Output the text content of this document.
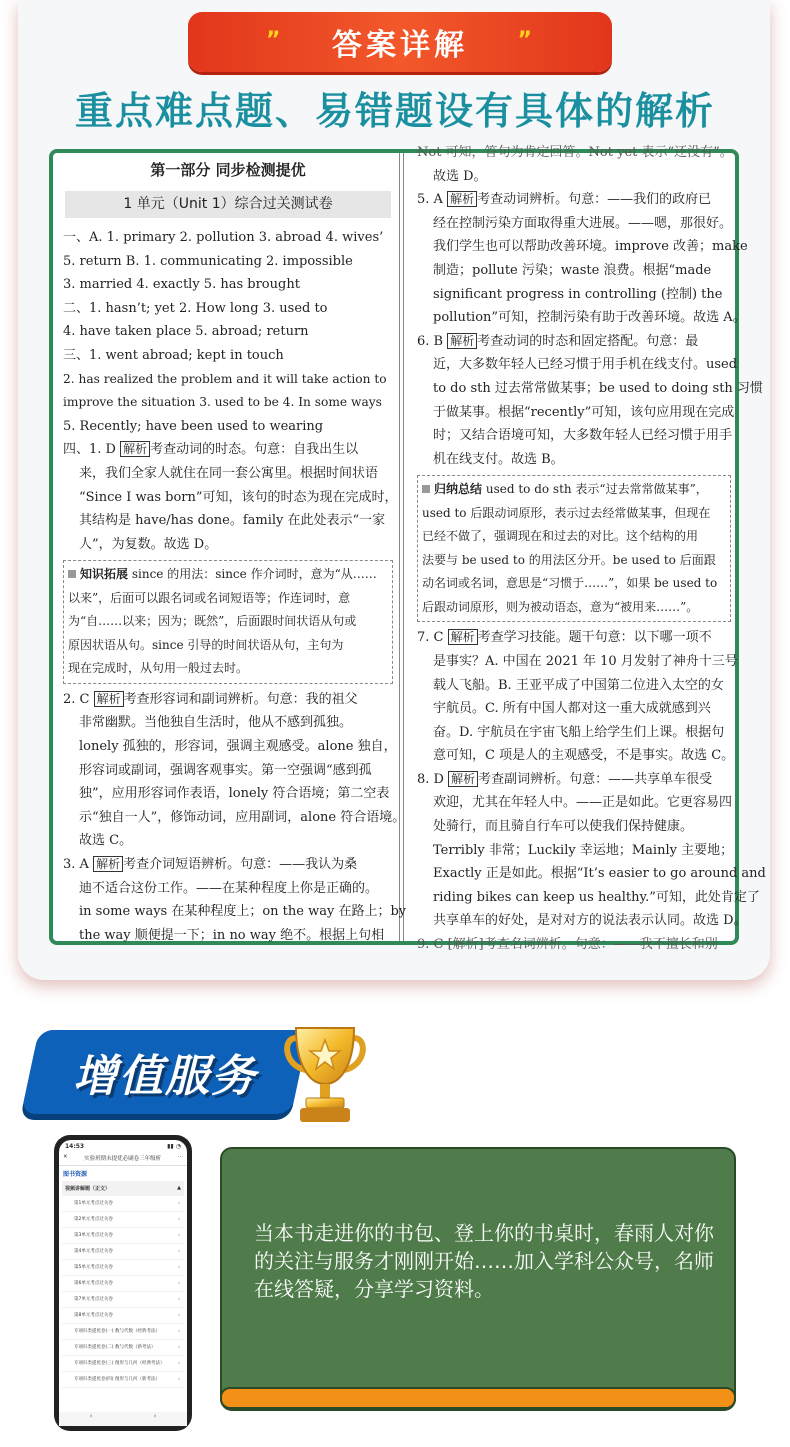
” 答案详解 ”
重点难点题、易错题设有具体的解析
第一部分 同步检测提优
1 单元（Unit 1）综合过关测试卷
一、A. 1. primary 2. pollution 3. abroad 4. wives’
5. return B. 1. communicating 2. impossible
3. married 4. exactly 5. has brought
二、1. hasn’t; yet 2. How long 3. used to
4. have taken place 5. abroad; return
三、1. went abroad; kept in touch
2. has realized the problem and it will take action to
improve the situation 3. used to be 4. In some ways
5. Recently; have been used to wearing
四、1. D 解析 考查动词的时态。句意：自我出生以
来，我们全家人就住在同一套公寓里。根据时间状语
“Since I was born”可知，该句的时态为现在完成时，
其结构是 have/has done。family 在此处表示“一家
人”，为复数。故选 D。
知识拓展 since 的用法：since 作介词时，意为“从……
以来”，后面可以跟名词或名词短语等；作连词时，意
为“自……以来；因为；既然”，后面跟时间状语从句或
原因状语从句。since 引导的时间状语从句，主句为
现在完成时，从句用一般过去时。
2. C 解析 考查形容词和副词辨析。句意：我的祖父
非常幽默。当他独自生活时，他从不感到孤独。
lonely 孤独的，形容词，强调主观感受。alone 独自，
形容词或副词，强调客观事实。第一空强调“感到孤
独”，应用形容词作表语，lonely 符合语境；第二空表
示“独自一人”，修饰动词，应用副词，alone 符合语境。
故选 C。
3. A 解析 考查介词短语辨析。句意：——我认为桑
迪不适合这份工作。——在某种程度上你是正确的。
in some ways 在某种程度上；on the way 在路上；by
the way 顺便提一下；in no way 绝不。根据上句相
Not 可知，答句为肯定回答。Not yet 表示“还没有”。
故选 D。
5. A 解析 考查动词辨析。句意：——我们的政府已
经在控制污染方面取得重大进展。——嗯，那很好。
我们学生也可以帮助改善环境。improve 改善；make
制造；pollute 污染；waste 浪费。根据“made
significant progress in controlling (控制) the
pollution”可知，控制污染有助于改善环境。故选 A。
6. B 解析 考查动词的时态和固定搭配。句意：最
近，大多数年轻人已经习惯于用手机在线支付。used
to do sth 过去常常做某事；be used to doing sth 习惯
于做某事。根据“recently”可知，该句应用现在完成
时；又结合语境可知，大多数年轻人已经习惯于用手
机在线支付。故选 B。
归纳总结 used to do sth 表示“过去常常做某事”，
used to 后跟动词原形，表示过去经常做某事，但现在
已经不做了，强调现在和过去的对比。这个结构的用
法要与 be used to 的用法区分开。be used to 后面跟
动名词或名词，意思是“习惯于……”，如果 be used to
后跟动词原形，则为被动语态，意为“被用来……”。
7. C 解析 考查学习技能。题干句意：以下哪一项不
是事实？A. 中国在 2021 年 10 月发射了神舟十三号
载人飞船。B. 王亚平成了中国第二位进入太空的女
宇航员。C. 所有中国人都对这一重大成就感到兴
奋。D. 宇航员在宇宙飞船上给学生们上课。根据句
意可知，C 项是人的主观感受，不是事实。故选 C。
8. D 解析 考查副词辨析。句意：——共享单车很受
欢迎，尤其在年轻人中。——正是如此。它更容易四
处骑行，而且骑自行车可以使我们保持健康。
Terribly 非常；Luckily 幸运地；Mainly 主要地；
Exactly 正是如此。根据“It’s easier to go around and
riding bikes can keep us healthy.”可知，此处肯定了
共享单车的好处，是对对方的说法表示认同。故选 D。
9. C [解析]考查名词辨析。句意：——我不擅长和别
增值服务
14:53	▮▮ ◔
✕	实验班期末提优必刷卷三年级析	···
图书资源
视频讲解题（正文）	▲
第1单元考点过关卷	›
第2单元考点过关卷	›
第3单元考点过关卷	›
第4单元考点过关卷	›
第5单元考点过关卷	›
第6单元考点过关卷	›
第7单元考点过关卷	›
第8单元考点过关卷	›
专项归类提优卷(一) 数与代数（经典考法）	›
专项归类提优卷(二) 数与代数（新考法）	›
专项归类提优卷(三) 图形与几何（经典考法）	›
专项归类提优卷(四) 图形与几何（新考法）	›
‹	›

当本书走进你的书包、登上你的书桌时，春雨人对你的关注与服务才刚刚开始……加入学科公众号，名师在线答疑，分享学习资料。
